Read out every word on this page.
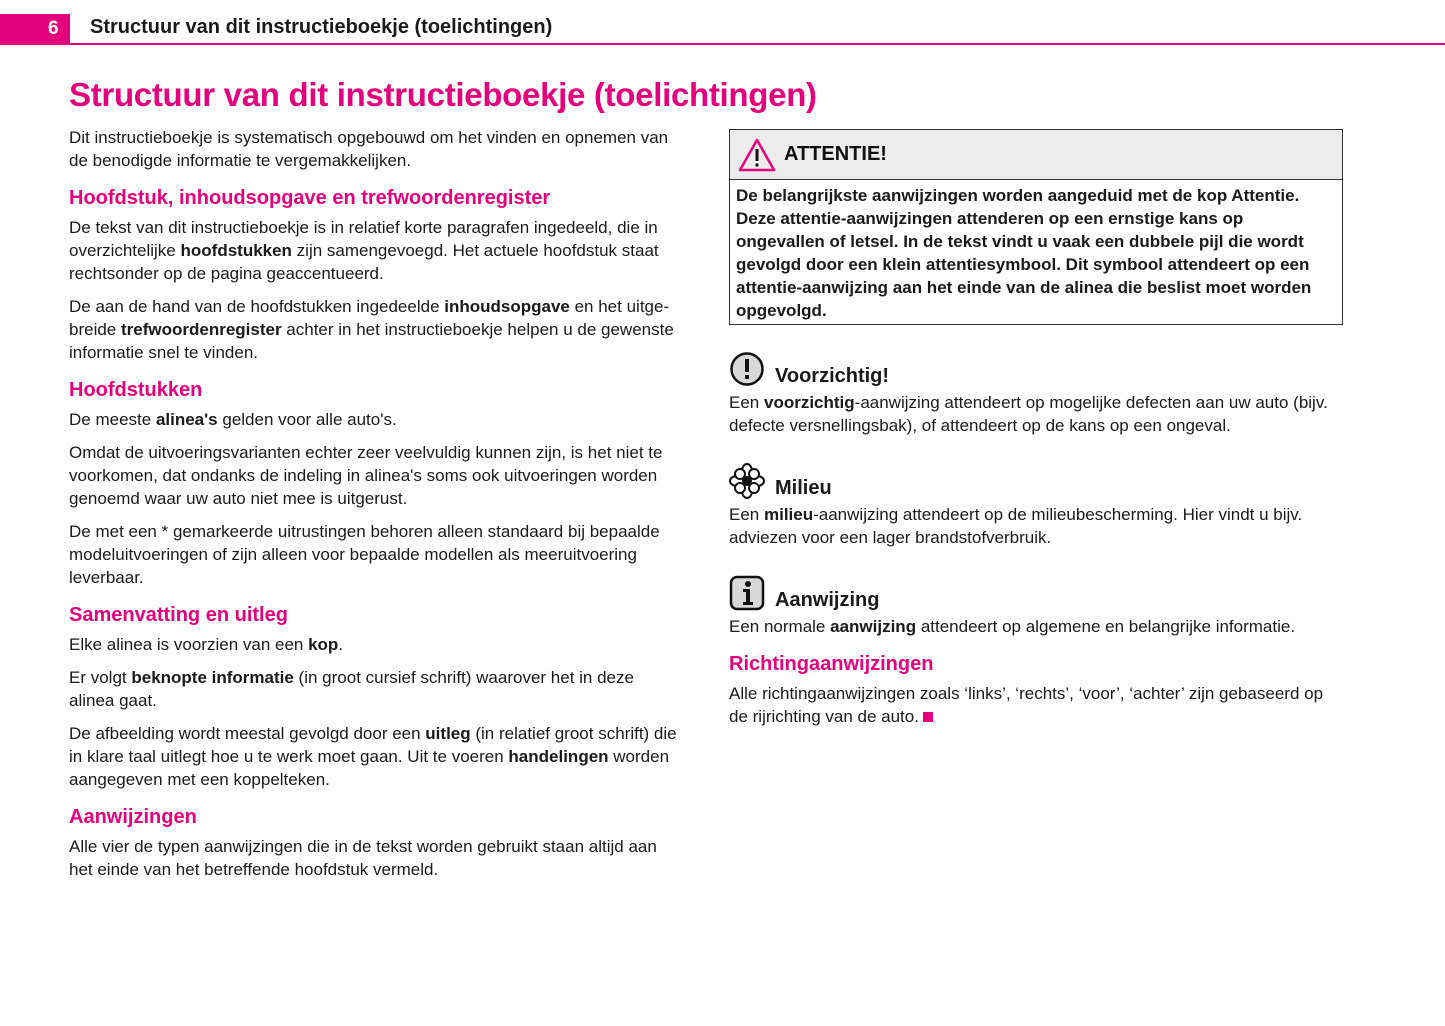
6	Structuur van dit instructieboekje (toelichtingen)
Structuur van dit instructieboekje (toelichtingen)

Dit instructieboekje is systematisch opgebouwd om het vinden en opnemen van de benodigde informatie te vergemakkelijken.

Hoofdstuk, inhoudsopgave en trefwoordenregister

De tekst van dit instructieboekje is in relatief korte paragrafen ingedeeld, die in overzichtelijke hoofdstukken zijn samengevoegd. Het actuele hoofdstuk staat rechtsonder op de pagina geaccentueerd.

De aan de hand van de hoofdstukken ingedeelde inhoudsopgave en het uitge- breide trefwoordenregister achter in het instructieboekje helpen u de gewenste informatie snel te vinden.

Hoofdstukken

De meeste alinea's gelden voor alle auto's.

Omdat de uitvoeringsvarianten echter zeer veelvuldig kunnen zijn, is het niet te voorkomen, dat ondanks de indeling in alinea's soms ook uitvoeringen worden genoemd waar uw auto niet mee is uitgerust.

De met een * gemarkeerde uitrustingen behoren alleen standaard bij bepaalde modeluitvoeringen of zijn alleen voor bepaalde modellen als meeruitvoering leverbaar.

Samenvatting en uitleg

Elke alinea is voorzien van een kop.

Er volgt beknopte informatie (in groot cursief schrift) waarover het in deze alinea gaat.

De afbeelding wordt meestal gevolgd door een uitleg (in relatief groot schrift) die in klare taal uitlegt hoe u te werk moet gaan. Uit te voeren handelingen worden aangegeven met een koppelteken.

Aanwijzingen

Alle vier de typen aanwijzingen die in de tekst worden gebruikt staan altijd aan het einde van het betreffende hoofdstuk vermeld.

ATTENTIE!
De belangrijkste aanwijzingen worden aangeduid met de kop Attentie. Deze attentie-aanwijzingen attenderen op een ernstige kans op ongevallen of letsel. In de tekst vindt u vaak een dubbele pijl die wordt gevolgd door een klein attentiesymbool. Dit symbool attendeert op een attentie-aanwijzing aan het einde van de alinea die beslist moet worden opgevolgd.
Voorzichtig!

Een voorzichtig-aanwijzing attendeert op mogelijke defecten aan uw auto (bijv. defecte versnellingsbak), of attendeert op de kans op een ongeval.

Milieu

Een milieu-aanwijzing attendeert op de milieubescherming. Hier vindt u bijv. adviezen voor een lager brandstofverbruik.

Aanwijzing

Een normale aanwijzing attendeert op algemene en belangrijke informatie.

Richtingaanwijzingen

Alle richtingaanwijzingen zoals ‘links’, ‘rechts’, ‘voor’, ‘achter’ zijn gebaseerd op de rijrichting van de auto.
